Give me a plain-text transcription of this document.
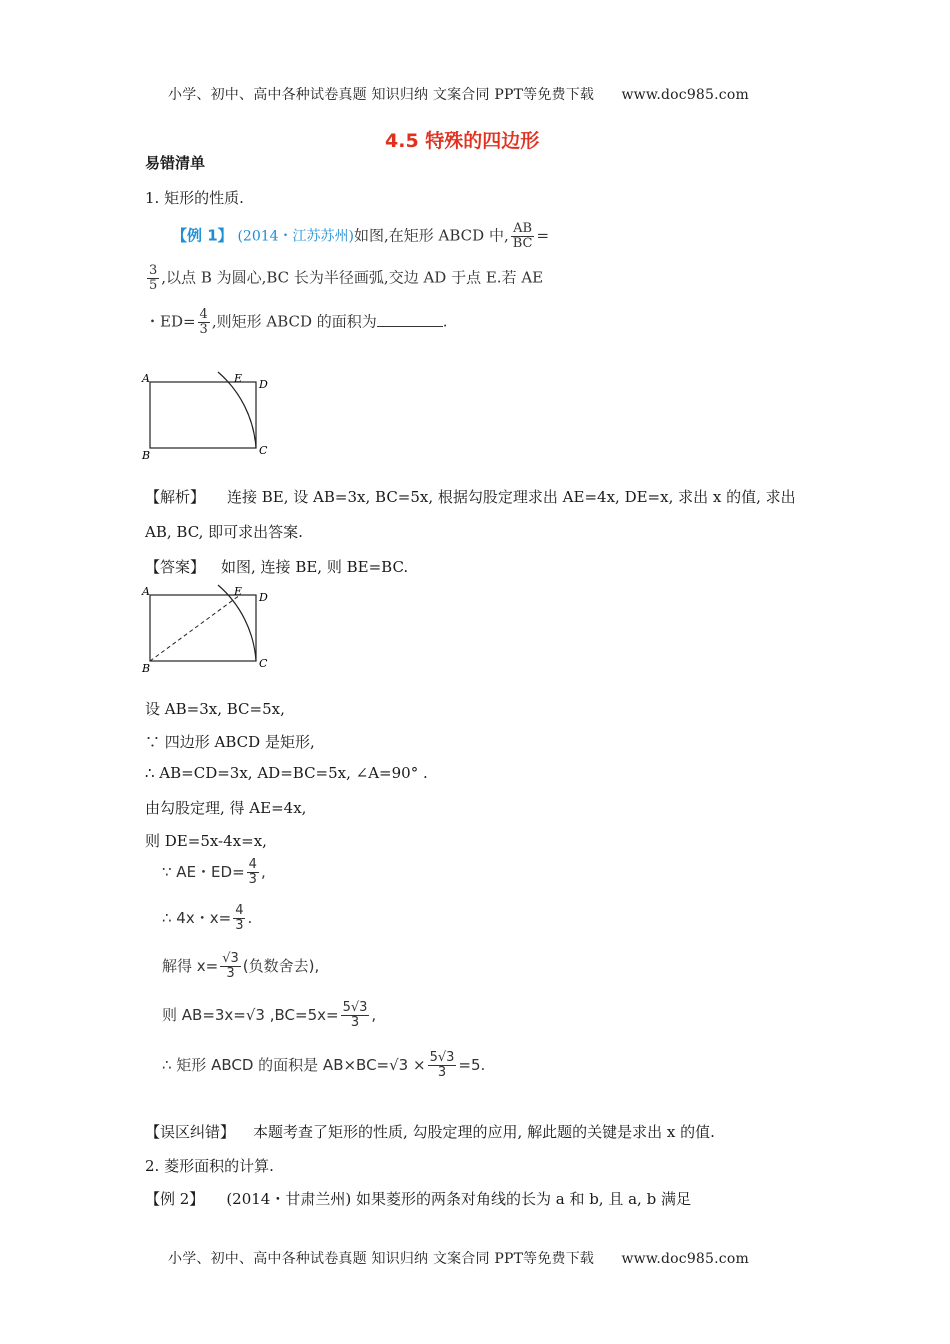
小学、初中、高中各种试卷真题 知识归纳 文案合同 PPT等免费下载 www.doc985.com
4.5 特殊的四边形
易错清单
1. 矩形的性质.
【例 1】 (2014・江苏苏州)如图,在矩形 ABCD 中, $\frac{AB}{BC}$ =
$\frac{3}{5}$ ,以点 B 为圆心,BC 长为半径画弧,交边 AD 于点 E.若 AE
・$ED= \frac{4}{3}$ ,则矩形 ABCD 的面积为	.
A	E D
B	C
【解析】 连接 BE, 设 AB=3x, BC=5x, 根据勾股定理求出 AE=4x, DE=x, 求出 x 的值, 求出
AB, BC, 即可求出答案.
【答案】 如图, 连接 BE, 则 BE=BC.
A	E D
B	C
设 AB=3x, BC=5x,
∵ 四边形 ABCD 是矩形,
∴ AB=CD=3x, AD=BC=5x, ∠A=90° .
由勾股定理, 得 AE=4x,
则 DE=5x-4x=x,
∵ AE・$ED= \frac{4}{3}$ ,
∴ 4x・$x= \frac{4}{3}$ .
解得 $x= \frac{√3}{3}$ (负数舍去),
则 AB=3x=√3 $,BC=5x= \frac{5√3}{3}$ ,
∴ 矩形 ABCD 的面积是 $AB\times BC=√3 \times \frac{5√3}{3} =5$.
【误区纠错】 本题考查了矩形的性质, 勾股定理的应用, 解此题的关键是求出 x 的值.
2. 菱形面积的计算.
【例 2】 (2014・甘肃兰州) 如果菱形的两条对角线的长为 a 和 b, 且 a, b 满足
小学、初中、高中各种试卷真题 知识归纳 文案合同 PPT等免费下载 www.doc985.com
